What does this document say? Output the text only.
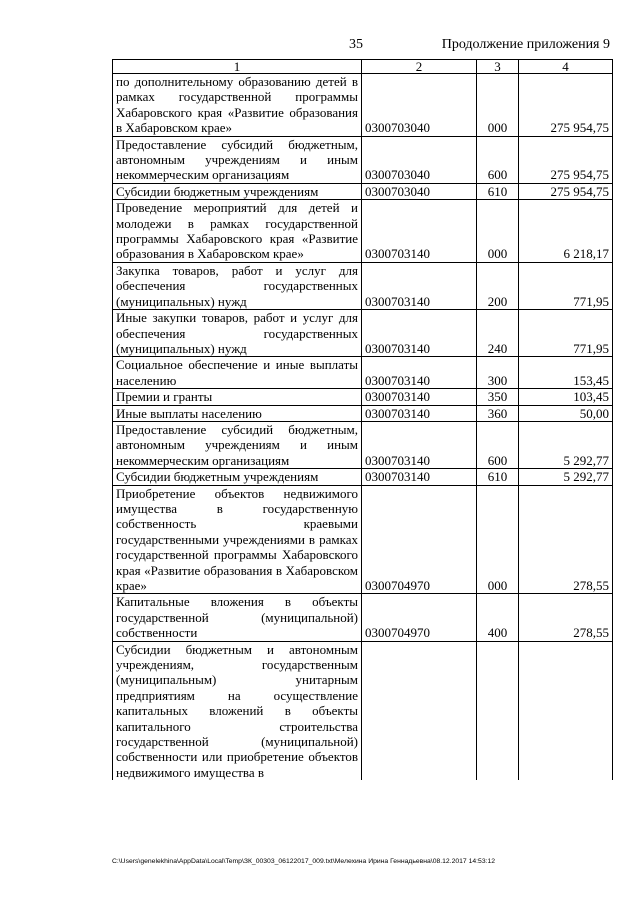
35	Продолжение приложения 9
1	2	3	4
по дополнительному образованию детей в рамках государственной программы Хабаровского края «Развитие образования в Хабаровском крае»	0300703040	000	275 954,75
Предоставление субсидий бюджетным, автономным учреждениям и иным некоммерческим организациям	0300703040	600	275 954,75
Субсидии бюджетным учреждениям	0300703040	610	275 954,75
Проведение мероприятий для детей и молодежи в рамках государственной программы Хабаровского края «Развитие образования в Хабаровском крае»	0300703140	000	6 218,17
Закупка товаров, работ и услуг для обеспечения государственных (муниципальных) нужд	0300703140	200	771,95
Иные закупки товаров, работ и услуг для обеспечения государственных (муниципальных) нужд	0300703140	240	771,95
Социальное обеспечение и иные выплаты населению	0300703140	300	153,45
Премии и гранты	0300703140	350	103,45
Иные выплаты населению	0300703140	360	50,00
Предоставление субсидий бюджетным, автономным учреждениям и иным некоммерческим организациям	0300703140	600	5 292,77
Субсидии бюджетным учреждениям	0300703140	610	5 292,77
Приобретение объектов недвижимого имущества в государственную собственность краевыми государственными учреждениями в рамках государственной программы Хабаровского края «Развитие образования в Хабаровском крае»	0300704970	000	278,55
Капитальные вложения в объекты государственной (муниципальной) собственности	0300704970	400	278,55
Субсидии бюджетным и автономным учреждениям, государственным (муниципальным) унитарным предприятиям на осуществление капитальных вложений в объекты капитального строительства государственной (муниципальной) собственности или приобретение объектов недвижимого имущества в			
C:\Users\genelekhina\AppData\Local\Temp\ЗК_00303_06122017_009.txt\Мелехина Ирина Геннадьевна\08.12.2017 14:53:12
